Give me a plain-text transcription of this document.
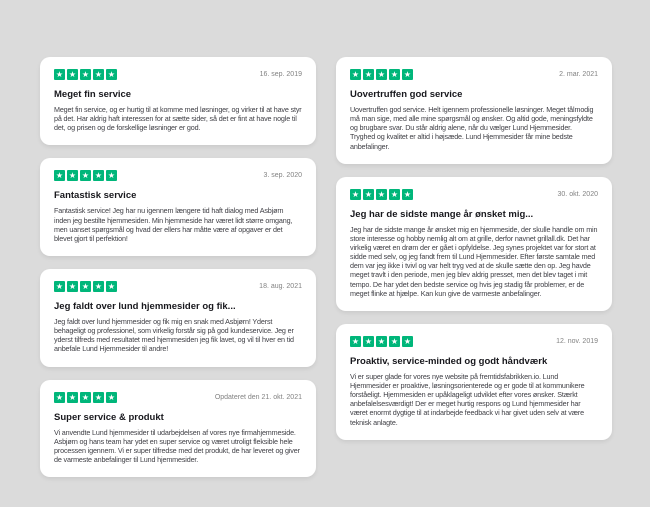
★ ★ ★ ★ ★	16. sep. 2019
Meget fin service
Meget fin service, og er hurtig til at komme med løsninger, og virker til at have styr på det. Har aldrig haft interessen for at sætte sider, så det er fint at have nogle til det, og prisen og de forskellige løsninger er god.
★ ★ ★ ★ ★	3. sep. 2020
Fantastisk service
Fantastisk service! Jeg har nu igennem længere tid haft dialog med Asbjørn inden jeg bestilte hjemmesiden. Min hjemmeside har været lidt større omgang, men uanset spørgsmål og hvad der ellers har måtte være af opgaver er det blevet gjort til perfektion!
★ ★ ★ ★ ★	18. aug. 2021
Jeg faldt over lund hjemmesider og fik...
Jeg faldt over lund hjemmesider og fik mig en snak med Asbjørn! Yderst behageligt og professionel, som virkelig forstår sig på god kundeservice. Jeg er yderst tilfreds med resultatet med hjemmesiden jeg fik lavet, og vil til hver en tid anbefale Lund Hjemmesider til andre!
★ ★ ★ ★ ★	Opdateret den 21. okt. 2021
Super service & produkt
Vi anvendte Lund hjemmesider til udarbejdelsen af vores nye firmahjemmeside. Asbjørn og hans team har ydet en super service og været utroligt fleksible hele processen igennem. Vi er super tilfredse med det produkt, de har leveret og giver de varmeste anbefalinger til Lund hjemmesider.
★ ★ ★ ★ ★	2. mar. 2021
Uovertruffen god service
Uovertruffen god service. Helt igennem professionelle løsninger. Meget tålmodig må man sige, med alle mine spørgsmål og ønsker. Og altid gode, meningsfyldte og brugbare svar. Du står aldrig alene, når du vælger Lund Hjemmesider. Tryghed og kvalitet er altid i højsæde. Lund Hjemmesider får mine bedste anbefalinger.
★ ★ ★ ★ ★	30. okt. 2020
Jeg har de sidste mange år ønsket mig...
Jeg har de sidste mange år ønsket mig en hjemmeside, der skulle handle om min store interesse og hobby nemlig alt om at grille, derfor navnet grillall.dk. Det har virkelig været en drøm der er gået i opfyldelse. Jeg synes projektet var for stort at sidde med selv, og jeg fandt frem til Lund Hjemmesider. Efter første samtale med dem var jeg ikke i tvivl og var helt tryg ved at de skulle sætte den op. Jeg havde meget travlt i den periode, men jeg blev aldrig presset, men det blev taget i mit tempo. De har ydet den bedste service og hvis jeg stadig får problemer, er de meget flinke at hjælpe. Kan kun give de varmeste anbefalinger.
★ ★ ★ ★ ★	12. nov. 2019
Proaktiv, service-minded og godt håndværk
Vi er super glade for vores nye website på fremtidsfabrikken.io. Lund Hjemmesider er proaktive, løsningsorienterede og er gode til at kommunikere forståeligt. Hjemmesiden er upåklageligt udviklet efter vores ønsker. Stærkt anbefalelsesværdigt! Der er meget hurtig respons og Lund hjemmesider har været enormt dygtige til at indarbejde feedback vi har givet uden selv at være teknisk anlagte.
